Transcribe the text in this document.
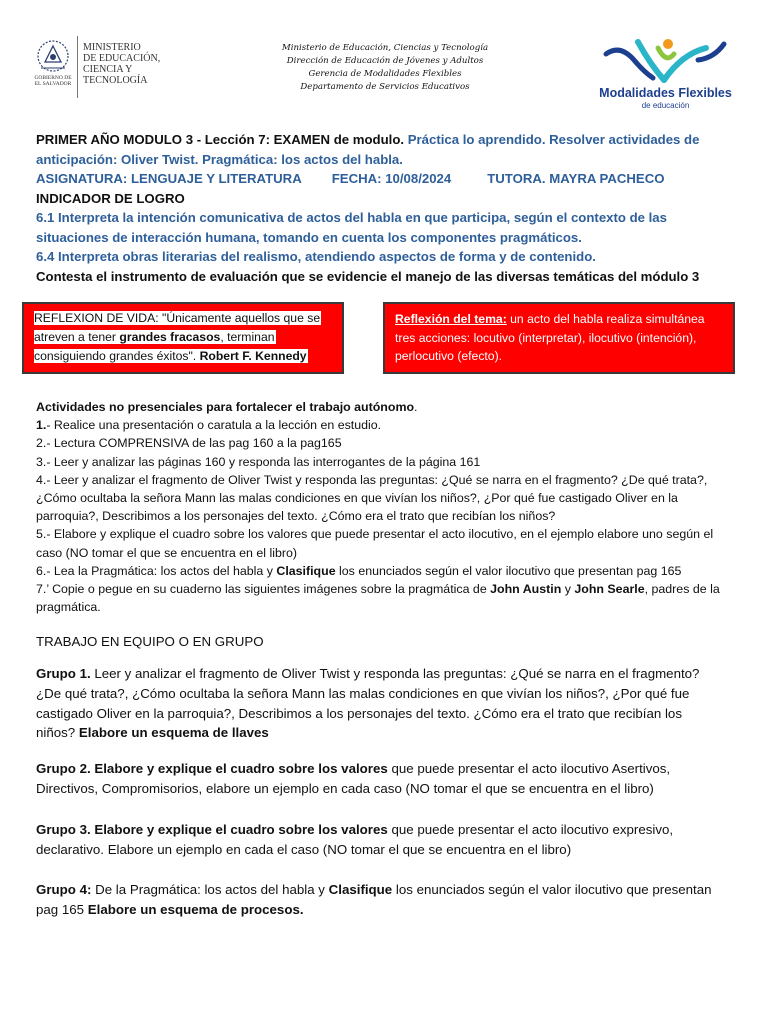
GOBIERNO DE
EL SALVADOR
MINISTERIO
DE EDUCACIÓN,
CIENCIA Y
TECNOLOGÍA
Ministerio de Educación, Ciencias y Tecnología
Dirección de Educación de Jóvenes y Adultos
Gerencia de Modalidades Flexibles
Departamento de Servicios Educativos	Modalidades Flexibles
de educación
PRIMER AÑO MODULO 3 - Lección 7: EXAMEN de modulo. Práctica lo aprendido. Resolver actividades de
anticipación: Oliver Twist. Pragmática: los actos del habla.
ASIGNATURA: LENGUAJE Y LITERATURA FECHA: 10/08/2024	TUTORA. MAYRA PACHECO
INDICADOR DE LOGRO
6.1 Interpreta la intención comunicativa de actos del habla en que participa, según el contexto de las
situaciones de interacción humana, tomando en cuenta los componentes pragmáticos.
6.4 Interpreta obras literarias del realismo, atendiendo aspectos de forma y de contenido.
Contesta el instrumento de evaluación que se evidencie el manejo de las diversas temáticas del módulo 3
REFLEXION DE VIDA: "Únicamente aquellos que se
atreven a tener grandes fracasos, terminan
consiguiendo grandes éxitos". Robert F. Kennedy
Reflexión del tema: un acto del habla realiza simultánea
tres acciones: locutivo (interpretar), ilocutivo (intención),
perlocutivo (efecto).
Actividades no presenciales para fortalecer el trabajo autónomo.
1.- Realice una presentación o caratula a la lección en estudio.
2.- Lectura COMPRENSIVA de las pag 160 a la pag165
3.- Leer y analizar las páginas 160 y responda las interrogantes de la página 161
4.- Leer y analizar el fragmento de Oliver Twist y responda las preguntas: ¿Qué se narra en el fragmento? ¿De qué trata?,
¿Cómo ocultaba la señora Mann las malas condiciones en que vivían los niños?, ¿Por qué fue castigado Oliver en la
parroquia?, Describimos a los personajes del texto. ¿Cómo era el trato que recibían los niños?
5.- Elabore y explique el cuadro sobre los valores que puede presentar el acto ilocutivo, en el ejemplo elabore uno según el
caso (NO tomar el que se encuentra en el libro)
6.- Lea la Pragmática: los actos del habla y Clasifique los enunciados según el valor ilocutivo que presentan pag 165
7.’ Copie o pegue en su cuaderno las siguientes imágenes sobre la pragmática de John Austin y John Searle, padres de la
pragmática.
TRABAJO EN EQUIPO O EN GRUPO
Grupo 1. Leer y analizar el fragmento de Oliver Twist y responda las preguntas: ¿Qué se narra en el fragmento?
¿De qué trata?, ¿Cómo ocultaba la señora Mann las malas condiciones en que vivían los niños?, ¿Por qué fue
castigado Oliver en la parroquia?, Describimos a los personajes del texto. ¿Cómo era el trato que recibían los
niños? Elabore un esquema de llaves
Grupo 2. Elabore y explique el cuadro sobre los valores que puede presentar el acto ilocutivo Asertivos,
Directivos, Compromisorios, elabore un ejemplo en cada caso (NO tomar el que se encuentra en el libro)
Grupo 3. Elabore y explique el cuadro sobre los valores que puede presentar el acto ilocutivo expresivo,
declarativo. Elabore un ejemplo en cada el caso (NO tomar el que se encuentra en el libro)
Grupo 4: De la Pragmática: los actos del habla y Clasifique los enunciados según el valor ilocutivo que presentan
pag 165 Elabore un esquema de procesos.
